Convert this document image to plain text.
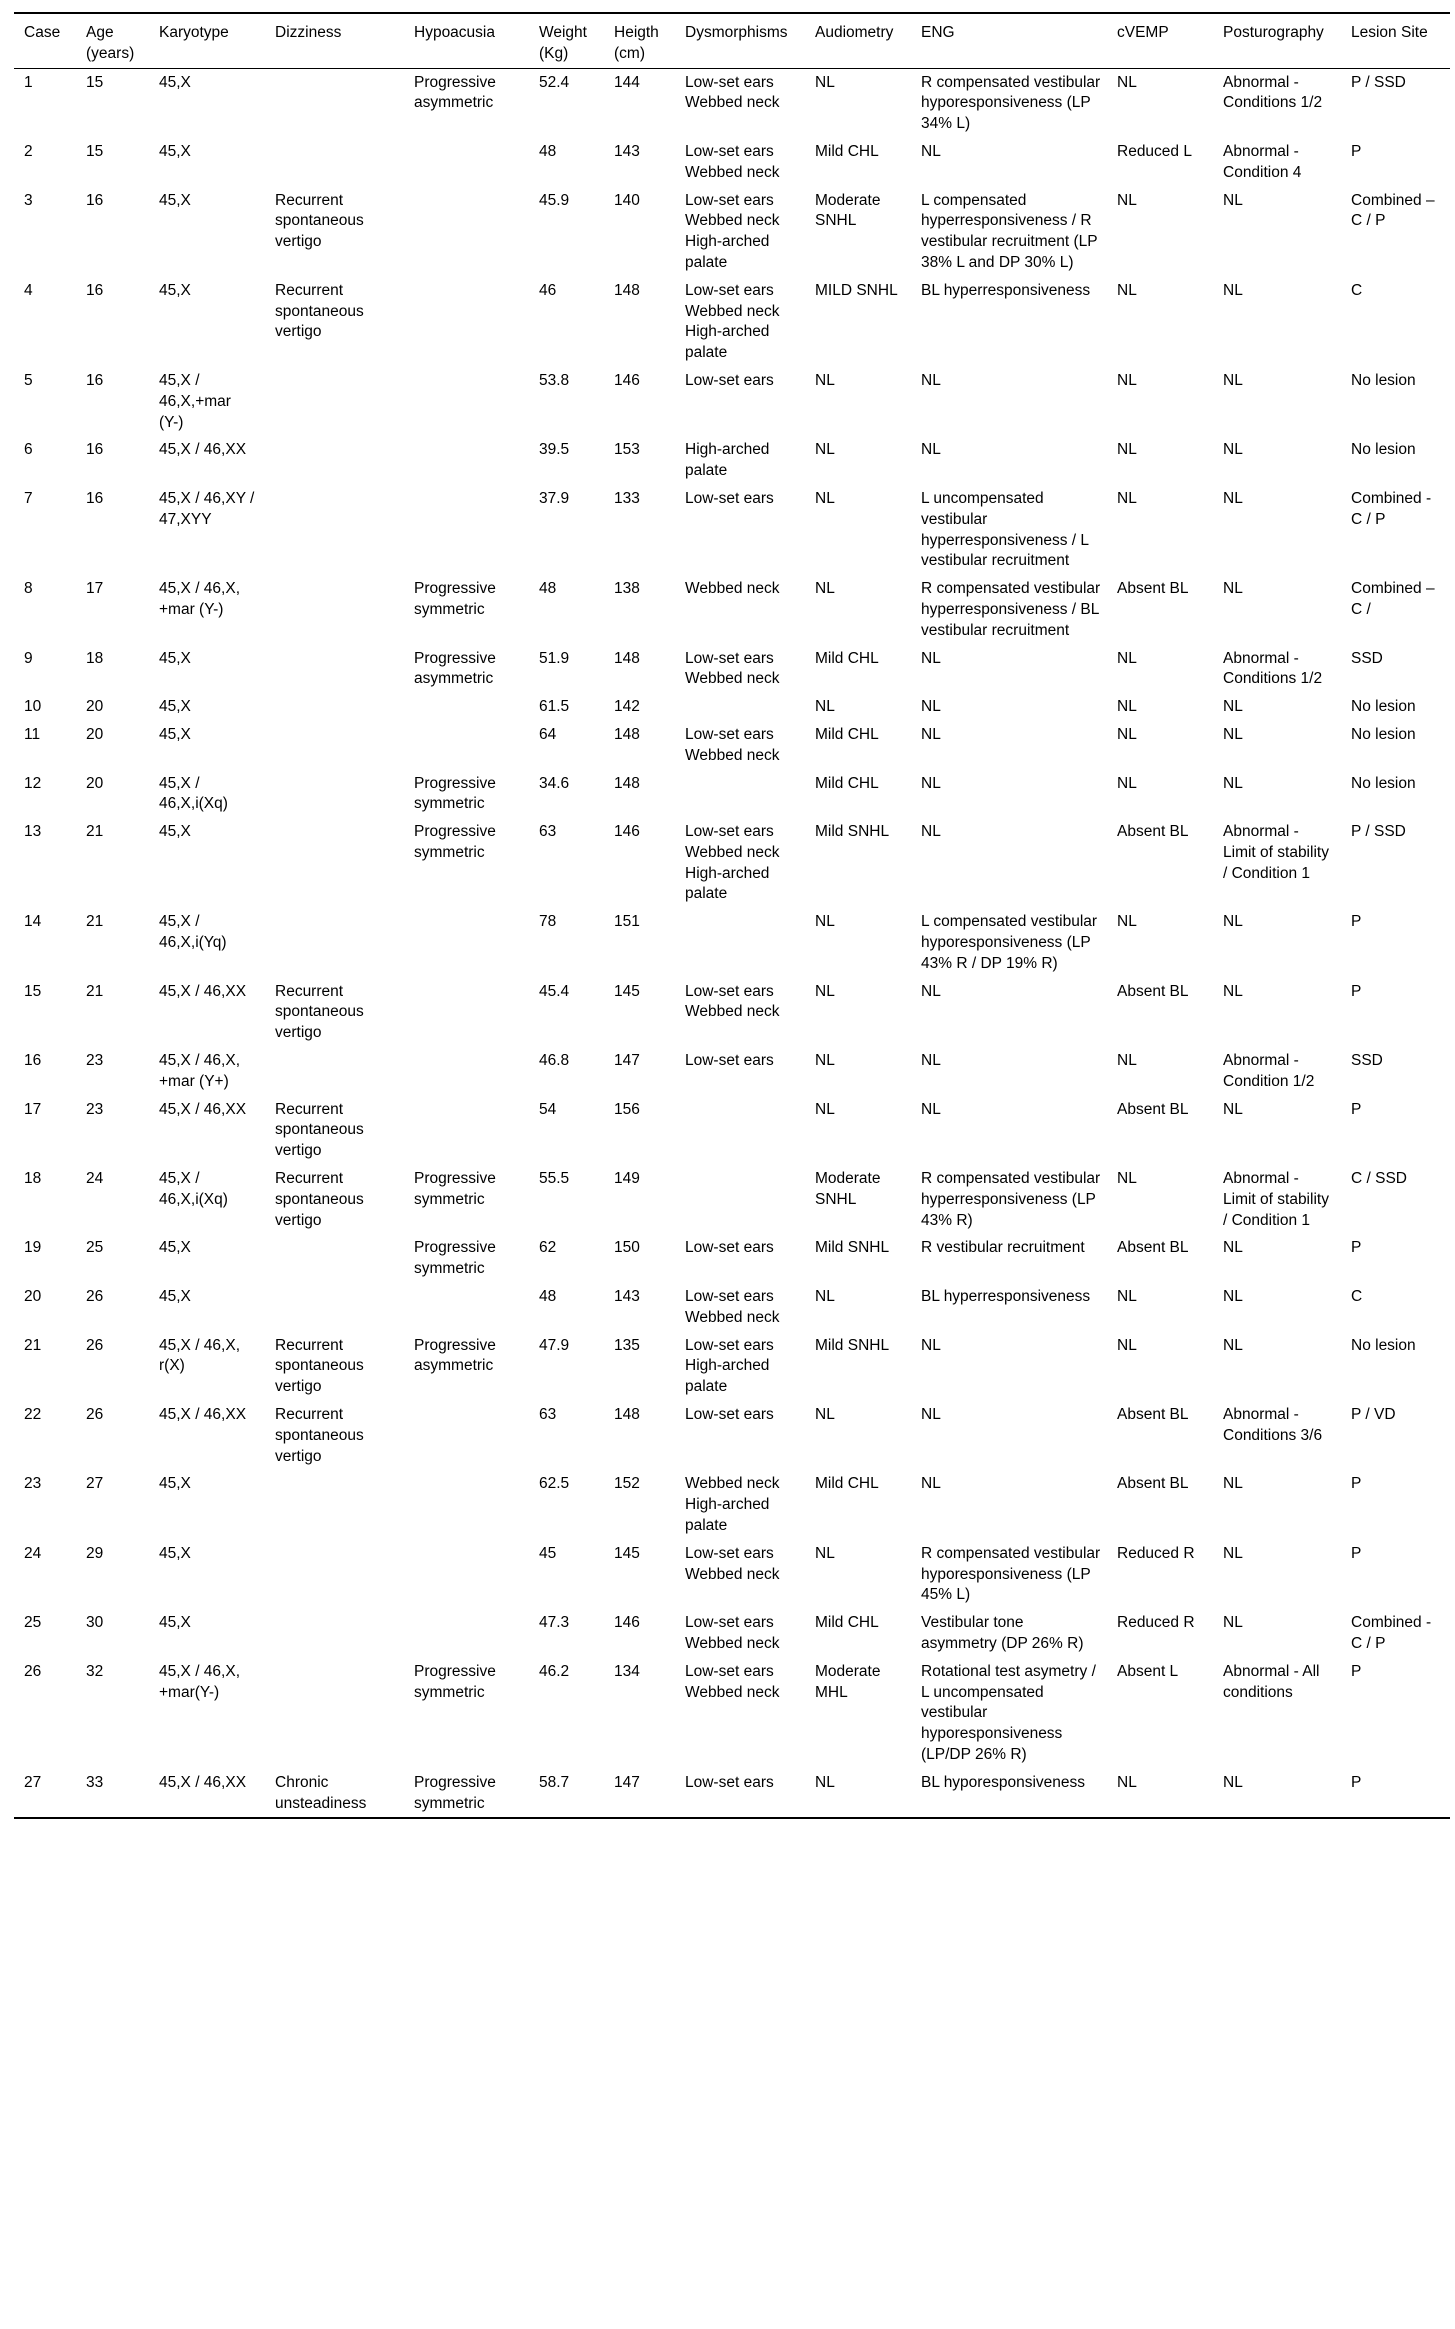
Case	Age (years)	Karyotype	Dizziness	Hypoacusia	Weight (Kg)	Heigth (cm)	Dysmorphisms	Audiometry	ENG	cVEMP	Posturography	Lesion Site
1	15	45,X		Progressive asymmetric	52.4	144	Low-set ears Webbed neck	NL	R compensated vestibular hyporesponsiveness (LP 34% L)	NL	Abnormal - Conditions 1/2	P / SSD
2	15	45,X			48	143	Low-set ears Webbed neck	Mild CHL	NL	Reduced L	Abnormal - Condition 4	P
3	16	45,X	Recurrent spontaneous vertigo		45.9	140	Low-set ears Webbed neck High-arched palate	Moderate SNHL	L compensated hyperresponsiveness / R vestibular recruitment (LP 38% L and DP 30% L)	NL	NL	Combined – C / P
4	16	45,X	Recurrent spontaneous vertigo		46	148	Low-set ears Webbed neck High-arched palate	MILD SNHL	BL hyperresponsiveness	NL	NL	C
5	16	45,X / 46,X,+mar (Y-)			53.8	146	Low-set ears	NL	NL	NL	NL	No lesion
6	16	45,X / 46,XX			39.5	153	High-arched palate	NL	NL	NL	NL	No lesion
7	16	45,X / 46,XY / 47,XYY			37.9	133	Low-set ears	NL	L uncompensated vestibular hyperresponsiveness / L vestibular recruitment	NL	NL	Combined - C / P
8	17	45,X / 46,X, +mar (Y-)		Progressive symmetric	48	138	Webbed neck	NL	R compensated vestibular hyperresponsiveness / BL vestibular recruitment	Absent BL	NL	Combined – C /
9	18	45,X		Progressive asymmetric	51.9	148	Low-set ears Webbed neck	Mild CHL	NL	NL	Abnormal - Conditions 1/2	SSD
10	20	45,X			61.5	142		NL	NL	NL	NL	No lesion
11	20	45,X			64	148	Low-set ears Webbed neck	Mild CHL	NL	NL	NL	No lesion
12	20	45,X / 46,X,i(Xq)		Progressive symmetric	34.6	148		Mild CHL	NL	NL	NL	No lesion
13	21	45,X		Progressive symmetric	63	146	Low-set ears Webbed neck High-arched palate	Mild SNHL	NL	Absent BL	Abnormal - Limit of stability / Condition 1	P / SSD
14	21	45,X / 46,X,i(Yq)			78	151		NL	L compensated vestibular hyporesponsiveness (LP 43% R / DP 19% R)	NL	NL	P
15	21	45,X / 46,XX	Recurrent spontaneous vertigo		45.4	145	Low-set ears Webbed neck	NL	NL	Absent BL	NL	P
16	23	45,X / 46,X, +mar (Y+)			46.8	147	Low-set ears	NL	NL	NL	Abnormal - Condition 1/2	SSD
17	23	45,X / 46,XX	Recurrent spontaneous vertigo		54	156		NL	NL	Absent BL	NL	P
18	24	45,X / 46,X,i(Xq)	Recurrent spontaneous vertigo	Progressive symmetric	55.5	149		Moderate SNHL	R compensated vestibular hyperresponsiveness (LP 43% R)	NL	Abnormal - Limit of stability / Condition 1	C / SSD
19	25	45,X		Progressive symmetric	62	150	Low-set ears	Mild SNHL	R vestibular recruitment	Absent BL	NL	P
20	26	45,X			48	143	Low-set ears Webbed neck	NL	BL hyperresponsiveness	NL	NL	C
21	26	45,X / 46,X, r(X)	Recurrent spontaneous vertigo	Progressive asymmetric	47.9	135	Low-set ears High-arched palate	Mild SNHL	NL	NL	NL	No lesion
22	26	45,X / 46,XX	Recurrent spontaneous vertigo		63	148	Low-set ears	NL	NL	Absent BL	Abnormal - Conditions 3/6	P / VD
23	27	45,X			62.5	152	Webbed neck High-arched palate	Mild CHL	NL	Absent BL	NL	P
24	29	45,X			45	145	Low-set ears Webbed neck	NL	R compensated vestibular hyporesponsiveness (LP 45% L)	Reduced R	NL	P
25	30	45,X			47.3	146	Low-set ears Webbed neck	Mild CHL	Vestibular tone asymmetry (DP 26% R)	Reduced R	NL	Combined - C / P
26	32	45,X / 46,X, +mar(Y-)		Progressive symmetric	46.2	134	Low-set ears Webbed neck	Moderate MHL	Rotational test asymetry / L uncompensated vestibular hyporesponsiveness (LP/DP 26% R)	Absent L	Abnormal - All conditions	P
27	33	45,X / 46,XX	Chronic unsteadiness	Progressive symmetric	58.7	147	Low-set ears	NL	BL hyporesponsiveness	NL	NL	P
